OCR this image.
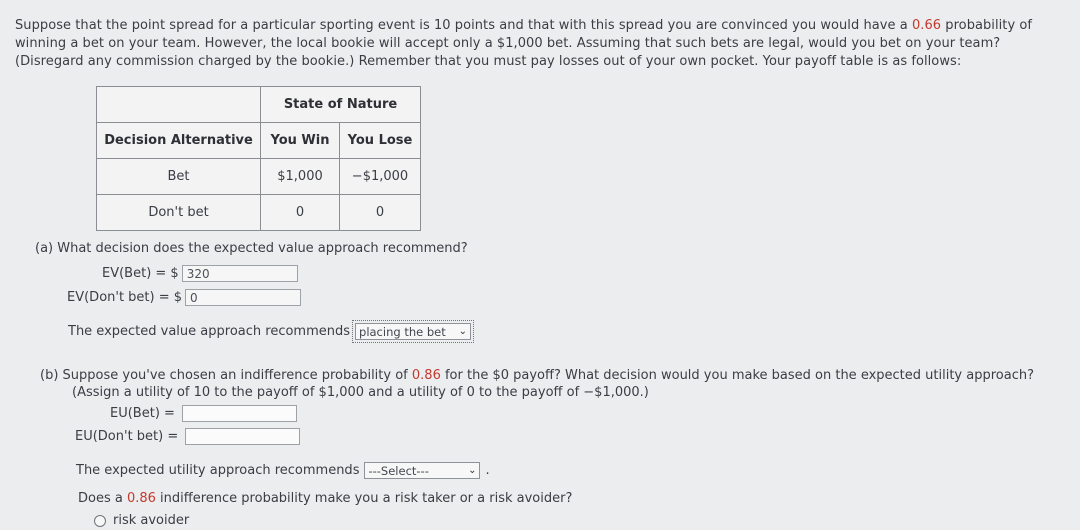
Suppose that the point spread for a particular sporting event is 10 points and that with this spread you are convinced you would have a 0.66 probability of winning a bet on your team. However, the local bookie will accept only a $1,000 bet. Assuming that such bets are legal, would you bet on your team? (Disregard any commission charged by the bookie.) Remember that you must pay losses out of your own pocket. Your payoff table is as follows:
	State of Nature	
Decision Alternative	You Win	You Lose
Bet	$1,000	−$1,000
Don't bet	0	0
(a) What decision does the expected value approach recommend?
EV(Bet) = $ 320
EV(Don't bet) = $ 0
The expected value approach recommends placing the bet ⌄
(b) Suppose you've chosen an indifference probability of 0.86 for the $0 payoff? What decision would you make based on the expected utility approach?
(Assign a utility of 10 to the payoff of $1,000 and a utility of 0 to the payoff of −$1,000.)
EU(Bet) =
EU(Don't bet) =
The expected utility approach recommends ---Select---	⌄ .
Does a 0.86 indifference probability make you a risk taker or a risk avoider?
risk avoider
